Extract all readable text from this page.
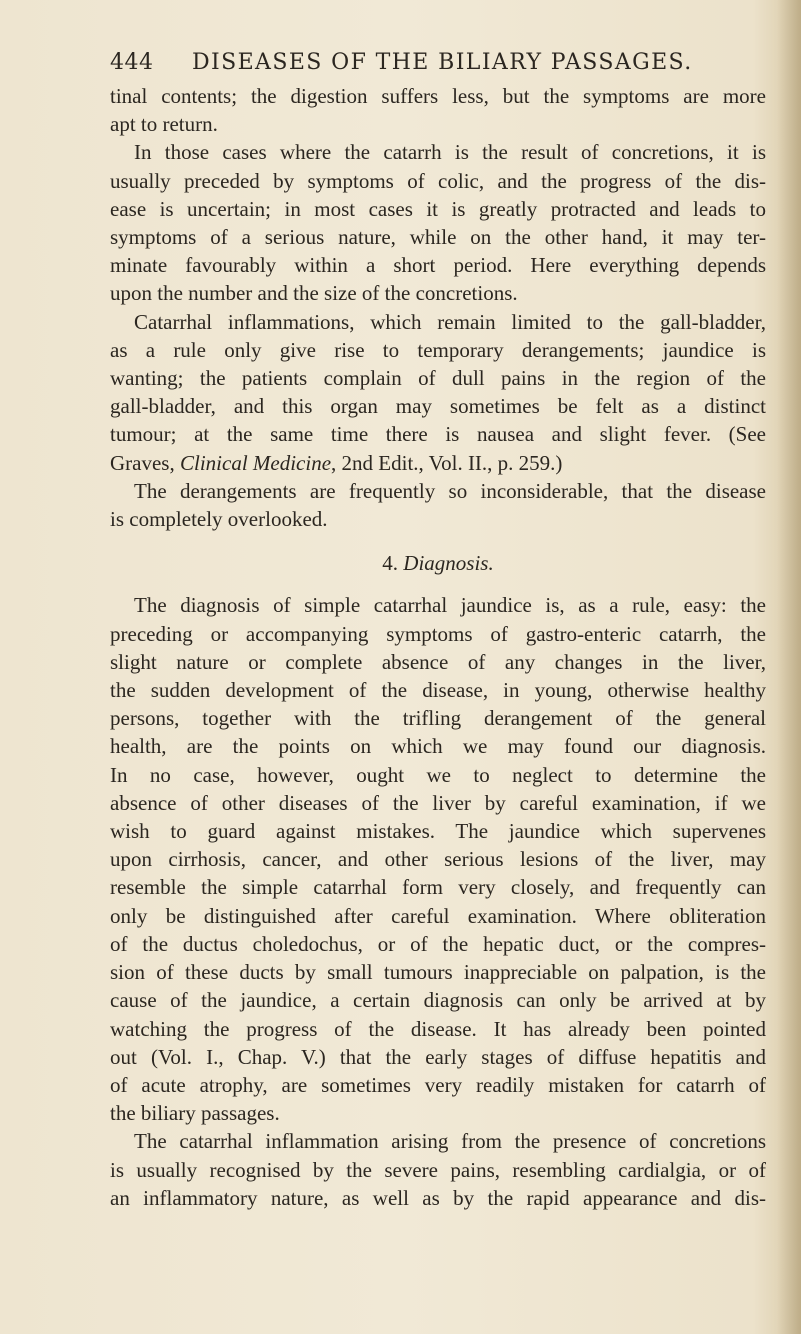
444 DISEASES OF THE BILIARY PASSAGES.

tinal contents; the digestion suffers less, but the symptoms are more
apt to return.

In those cases where the catarrh is the result of concretions, it is
usually preceded by symptoms of colic, and the progress of the dis-
ease is uncertain; in most cases it is greatly protracted and leads to
symptoms of a serious nature, while on the other hand, it may ter-
minate favourably within a short period. Here everything depends
upon the number and the size of the concretions.

Catarrhal inflammations, which remain limited to the gall-bladder,
as a rule only give rise to temporary derangements; jaundice is
wanting; the patients complain of dull pains in the region of the
gall-bladder, and this organ may sometimes be felt as a distinct
tumour; at the same time there is nausea and slight fever. (See
Graves, Clinical Medicine, 2nd Edit., Vol. II., p. 259.)

The derangements are frequently so inconsiderable, that the disease
is completely overlooked.

4. Diagnosis.

The diagnosis of simple catarrhal jaundice is, as a rule, easy: the
preceding or accompanying symptoms of gastro-enteric catarrh, the
slight nature or complete absence of any changes in the liver,
the sudden development of the disease, in young, otherwise healthy
persons, together with the trifling derangement of the general
health, are the points on which we may found our diagnosis.
In no case, however, ought we to neglect to determine the
absence of other diseases of the liver by careful examination, if we
wish to guard against mistakes. The jaundice which supervenes
upon cirrhosis, cancer, and other serious lesions of the liver, may
resemble the simple catarrhal form very closely, and frequently can
only be distinguished after careful examination. Where obliteration
of the ductus choledochus, or of the hepatic duct, or the compres-
sion of these ducts by small tumours inappreciable on palpation, is the
cause of the jaundice, a certain diagnosis can only be arrived at by
watching the progress of the disease. It has already been pointed
out (Vol. I., Chap. V.) that the early stages of diffuse hepatitis and
of acute atrophy, are sometimes very readily mistaken for catarrh of
the biliary passages.

The catarrhal inflammation arising from the presence of concretions
is usually recognised by the severe pains, resembling cardialgia, or of
an inflammatory nature, as well as by the rapid appearance and dis-
